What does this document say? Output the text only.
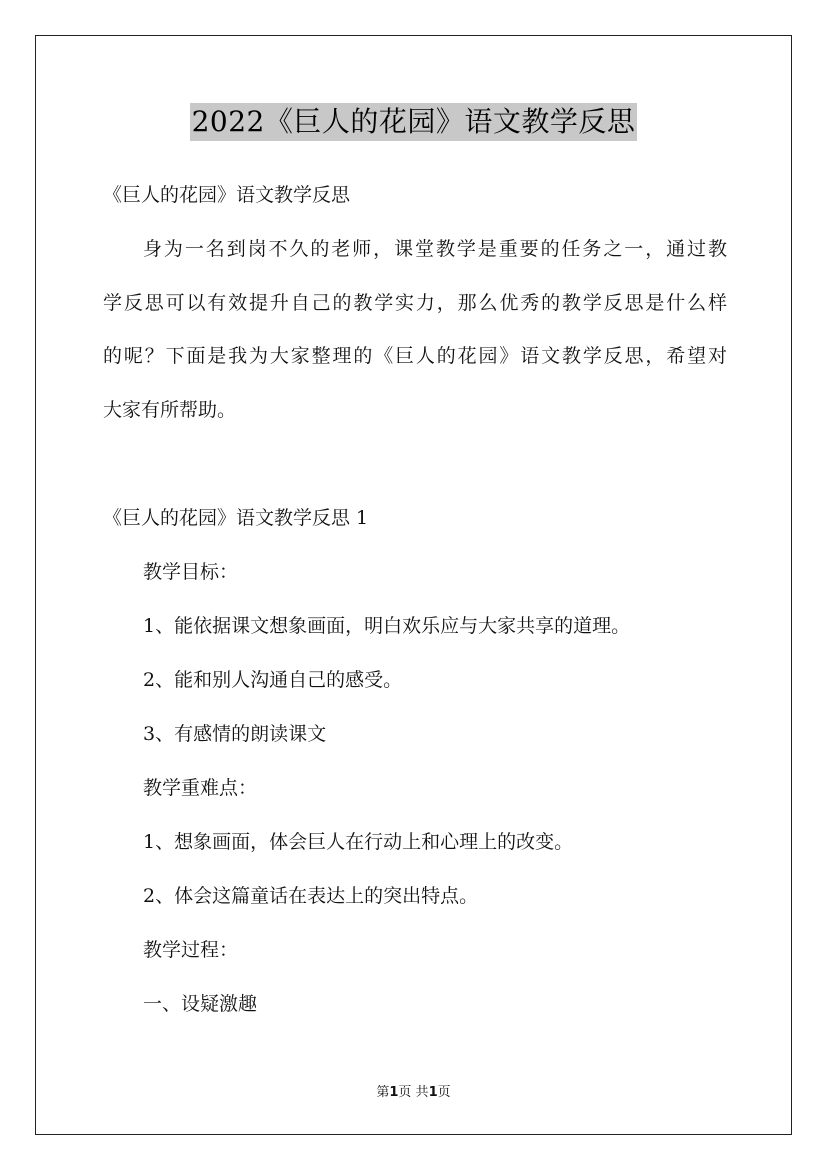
2022《巨人的花园》语文教学反思
《巨人的花园》语文教学反思
身为一名到岗不久的老师，课堂教学是重要的任务之一，通过教
学反思可以有效提升自己的教学实力，那么优秀的教学反思是什么样
的呢？下面是我为大家整理的《巨人的花园》语文教学反思，希望对
大家有所帮助。
《巨人的花园》语文教学反思 1
教学目标：
1、能依据课文想象画面，明白欢乐应与大家共享的道理。
2、能和别人沟通自己的感受。
3、有感情的朗读课文
教学重难点：
1、想象画面，体会巨人在行动上和心理上的改变。
2、体会这篇童话在表达上的突出特点。
教学过程：
一、设疑激趣
第1页 共1页
